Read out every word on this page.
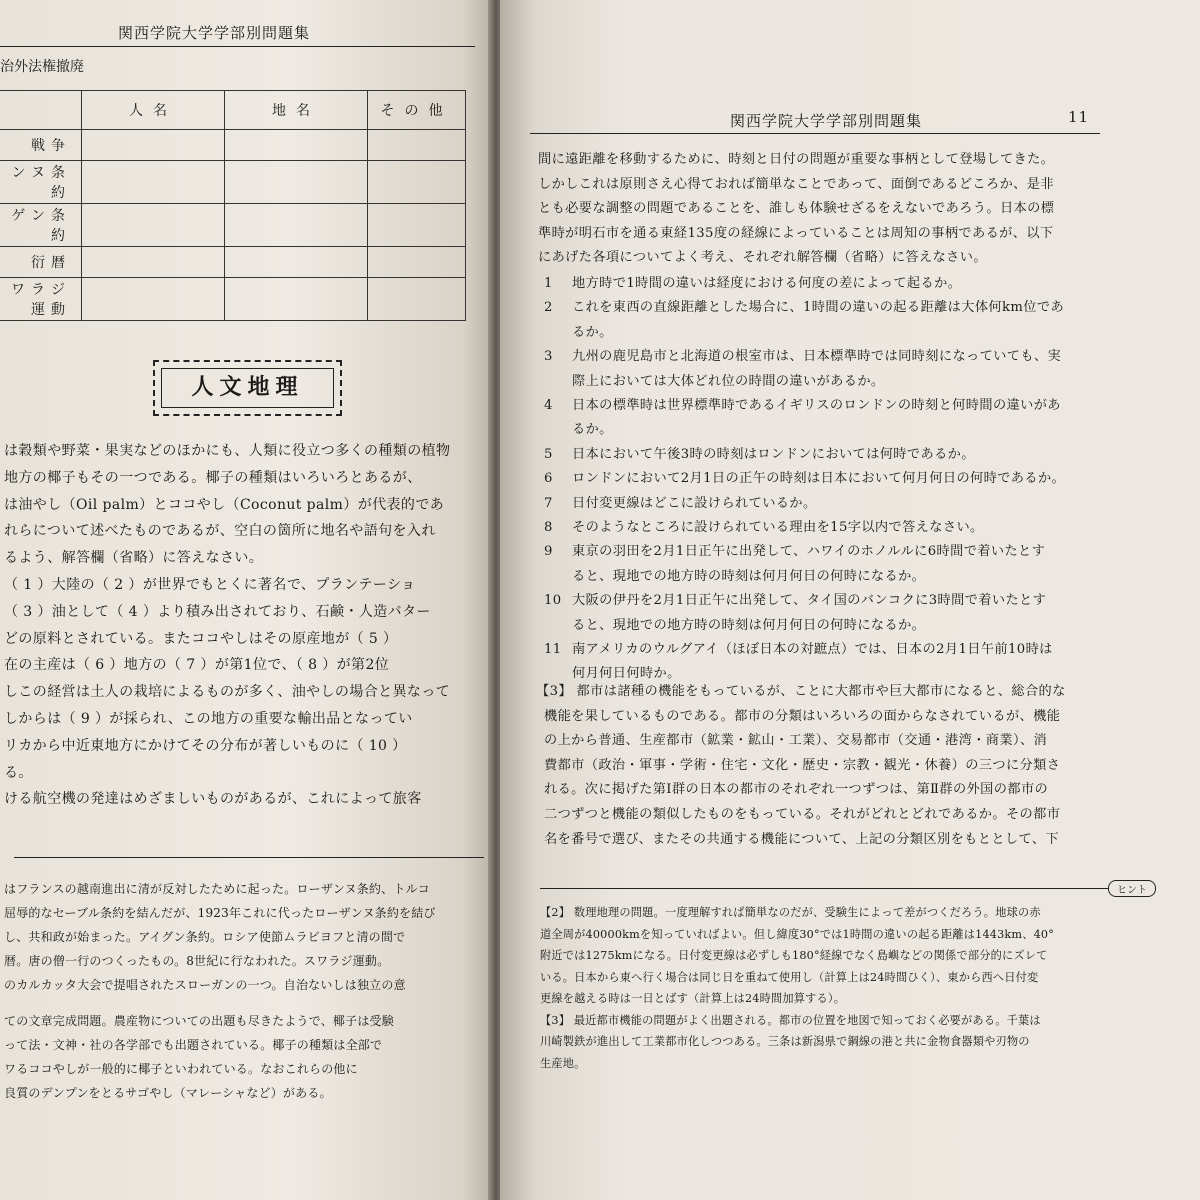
関西学院大学学部別問題集
治外法権撤廃
	人名	地名	その他
戦争			
ンヌ条約			
ゲン条約			
衍暦			
ワラジ運動			
人文地理
は穀類や野菜・果実などのほかにも、人類に役立つ多くの種類の植物
地方の椰子もその一つである。椰子の種類はいろいろとあるが、
は油やし（Oil palm）とココやし（Coconut palm）が代表的であ
れらについて述べたものであるが、空白の箇所に地名や語句を入れ
るよう、解答欄（省略）に答えなさい。
（ 1 ）大陸の（ 2 ）が世界でもとくに著名で、プランテーショ
（ 3 ）油として（ 4 ）より積み出されており、石鹸・人造バター
どの原料とされている。またココやしはその原産地が（ 5 ）
在の主産は（ 6 ）地方の（ 7 ）が第1位で、（ 8 ）が第2位
しこの経営は土人の栽培によるものが多く、油やしの場合と異なって
しからは（ 9 ）が採られ、この地方の重要な輸出品となってい
リカから中近東地方にかけてその分布が著しいものに（ 10 ）
る。
ける航空機の発達はめざましいものがあるが、これによって旅客
はフランスの越南進出に清が反対したために起った。ローザンヌ条約、トルコ
屈辱的なセーブル条約を結んだが、1923年これに代ったローザンヌ条約を結び
し、共和政が始まった。アイグン条約。ロシア使節ムラビヨフと清の間で
暦。唐の僧一行のつくったもの。8世紀に行なわれた。スワラジ運動。
のカルカッタ大会で提唱されたスローガンの一つ。自治ないしは独立の意
ての文章完成問題。農産物についての出題も尽きたようで、椰子は受験
って法・文神・社の各学部でも出題されている。椰子の種類は全部で
ワるココやしが一般的に椰子といわれている。なおこれらの他に
良質のデンプンをとるサゴやし（マレーシャなど）がある。
関西学院大学学部別問題集	11
間に遠距離を移動するために、時刻と日付の問題が重要な事柄として登場してきた。
しかしこれは原則さえ心得ておれば簡単なことであって、面倒であるどころか、是非
とも必要な調整の問題であることを、誰しも体験せざるをえないであろう。日本の標
準時が明石市を通る東経135度の経線によっていることは周知の事柄であるが、以下
にあげた各項についてよく考え、それぞれ解答欄（省略）に答えなさい。
1 地方時で1時間の違いは経度における何度の差によって起るか。
2 これを東西の直線距離とした場合に、1時間の違いの起る距離は大体何km位であ
るか。
3 九州の鹿児島市と北海道の根室市は、日本標準時では同時刻になっていても、実
際上においては大体どれ位の時間の違いがあるか。
4 日本の標準時は世界標準時であるイギリスのロンドンの時刻と何時間の違いがあ
るか。
5 日本において午後3時の時刻はロンドンにおいては何時であるか。
6 ロンドンにおいて2月1日の正午の時刻は日本において何月何日の何時であるか。
7 日付変更線はどこに設けられているか。
8 そのようなところに設けられている理由を15字以内で答えなさい。
9 東京の羽田を2月1日正午に出発して、ハワイのホノルルに6時間で着いたとす
ると、現地での地方時の時刻は何月何日の何時になるか。
10 大阪の伊丹を2月1日正午に出発して、タイ国のバンコクに3時間で着いたとす
ると、現地での地方時の時刻は何月何日の何時になるか。
11 南アメリカのウルグアイ（ほぼ日本の対蹠点）では、日本の2月1日午前10時は
何月何日何時か。
【3】 都市は諸種の機能をもっているが、ことに大都市や巨大都市になると、総合的な
機能を果しているものである。都市の分類はいろいろの面からなされているが、機能
の上から普通、生産都市（鉱業・鉱山・工業）、交易都市（交通・港湾・商業）、消
費都市（政治・軍事・学術・住宅・文化・歴史・宗教・観光・休養）の三つに分類さ
れる。次に掲げた第Ⅰ群の日本の都市のそれぞれ一つずつは、第Ⅱ群の外国の都市の
二つずつと機能の類似したものをもっている。それがどれとどれであるか。その都市
名を番号で選び、またその共通する機能について、上記の分類区別をもととして、下
ヒント
【2】 数理地理の問題。一度理解すれば簡単なのだが、受験生によって差がつくだろう。地球の赤
道全周が40000kmを知っていればよい。但し緯度30°では1時間の違いの起る距離は1443km、40°
附近では1275kmになる。日付変更線は必ずしも180°経線でなく島嶼などの関係で部分的にズレて
いる。日本から東へ行く場合は同じ日を重ねて使用し（計算上は24時間ひく）、東から西へ日付変
更線を越える時は一日とばす（計算上は24時間加算する）。
【3】 最近都市機能の問題がよく出題される。都市の位置を地図で知っておく必要がある。千葉は
川崎製鉄が進出して工業都市化しつつある。三条は新潟県で鋼線の港と共に金物食器類や刃物の
生産地。
